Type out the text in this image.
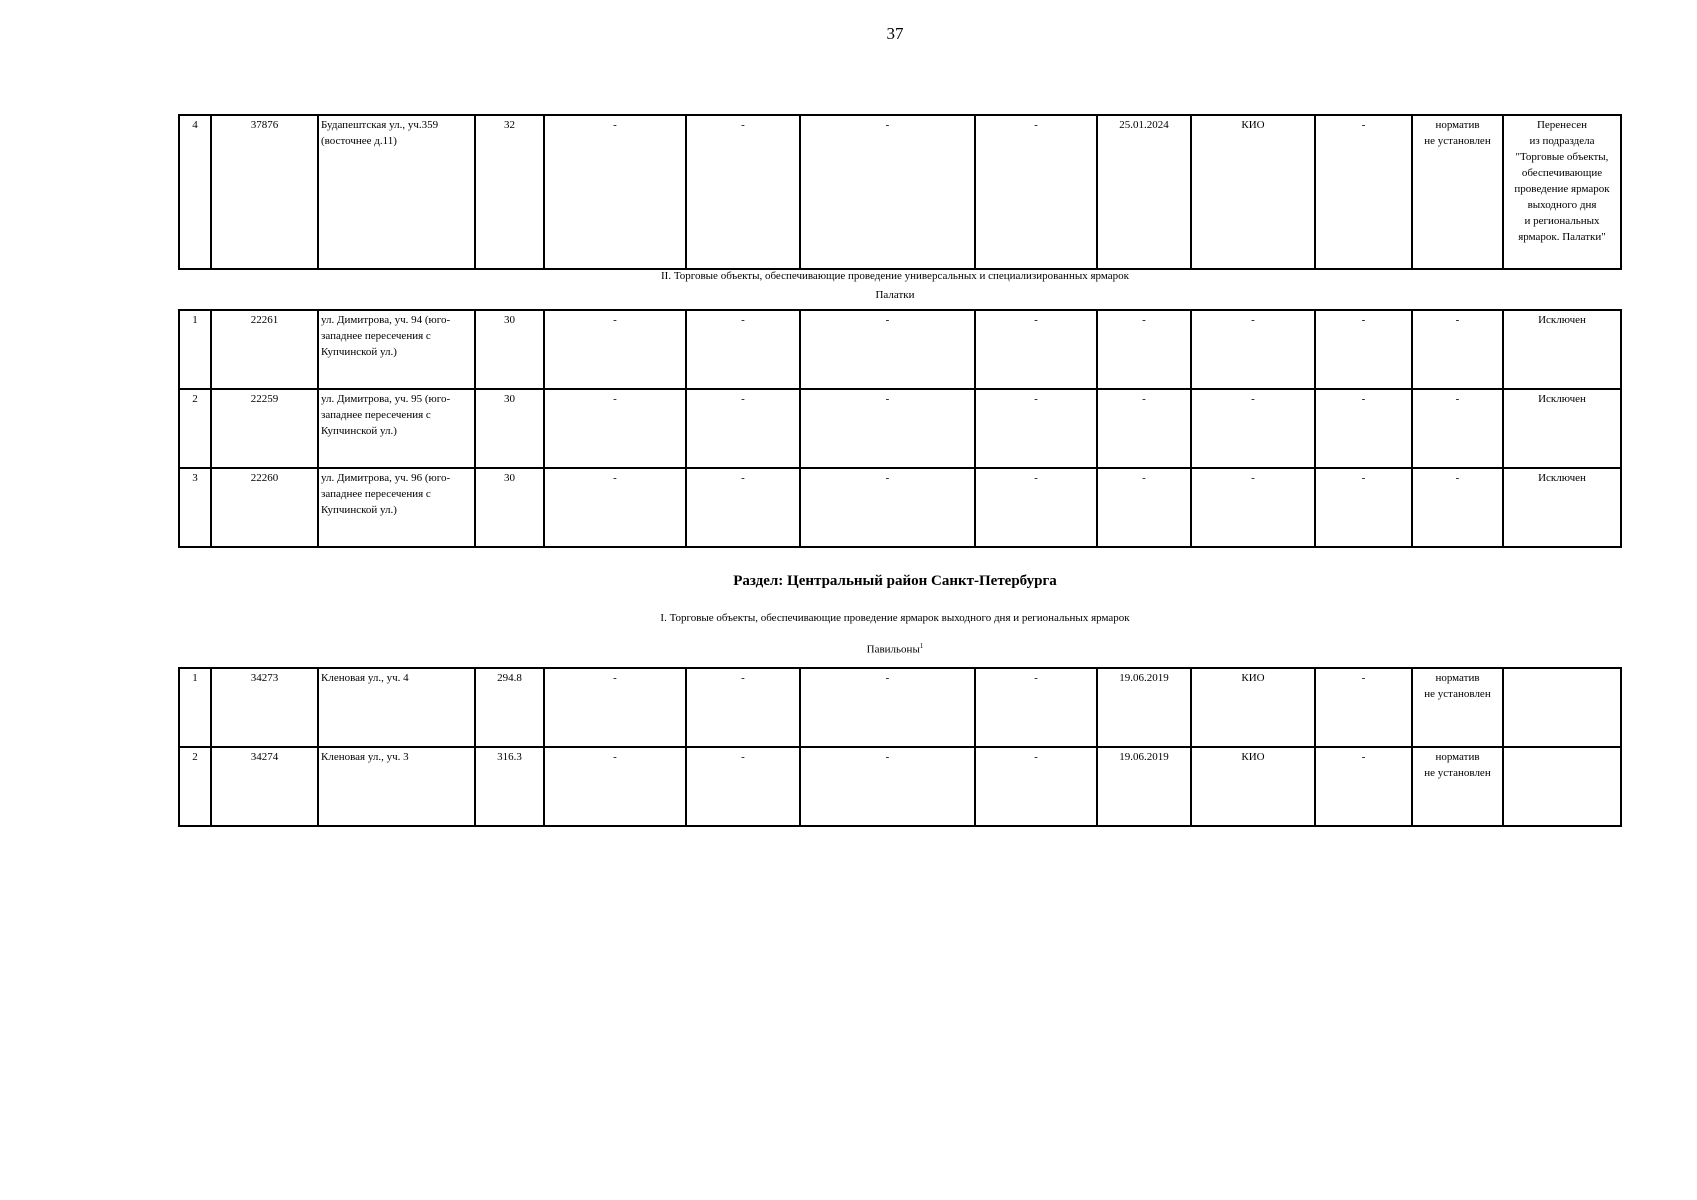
37
4	37876	Будапештская ул., уч.359 (восточнее д.11)	32	-	-	-	-	25.01.2024	КИО	-	норматив
не установлен	Перенесен
из подраздела
"Торговые объекты,
обеспечивающие
проведение ярмарок
выходного дня
и региональных
ярмарок. Палатки"
II. Торговые объекты, обеспечивающие проведение универсальных и специализированных ярмарок
Палатки
1	22261	ул. Димитрова, уч. 94 (юго-западнее пересечения с Купчинской ул.)	30	-	-	-	-	-	-	-	-	Исключен
2	22259	ул. Димитрова, уч. 95 (юго-западнее пересечения с Купчинской ул.)	30	-	-	-	-	-	-	-	-	Исключен
3	22260	ул. Димитрова, уч. 96 (юго-западнее пересечения с Купчинской ул.)	30	-	-	-	-	-	-	-	-	Исключен
Раздел: Центральный район Санкт-Петербурга
I. Торговые объекты, обеспечивающие проведение ярмарок выходного дня и региональных ярмарок
Павильоны$^1$
1	34273	Кленовая ул., уч. 4	294.8	-	-	-	-	19.06.2019	КИО	-	норматив
не установлен	
2	34274	Кленовая ул., уч. 3	316.3	-	-	-	-	19.06.2019	КИО	-	норматив
не установлен	
